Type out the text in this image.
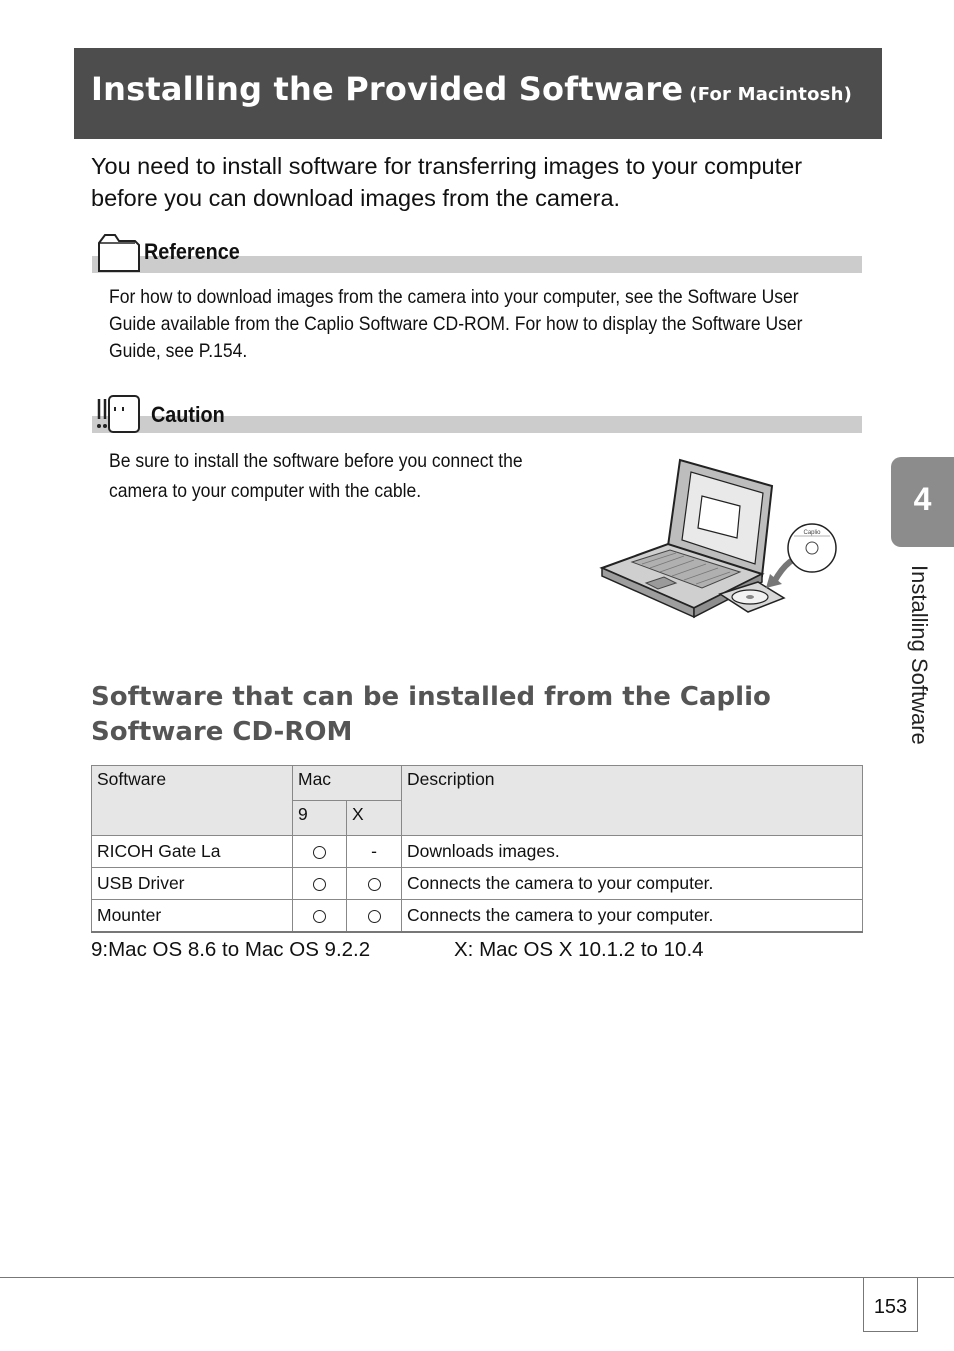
Installing the Provided Software (For Macintosh)
You need to install software for transferring images to your computer before you can download images from the camera.
Reference
For how to download images from the camera into your computer, see the Software User
Guide available from the Caplio Software CD-ROM. For how to display the Software User
Guide, see P.154.
Caution
Be sure to install the software before you connect the
camera to your computer with the cable.
Caplio
Software that can be installed from the Caplio Software CD-ROM
Software	Mac		Description
	9	X	
RICOH Gate La		-	Downloads images.
USB Driver			Connects the camera to your computer.
Mounter			Connects the camera to your computer.
9:Mac OS 8.6 to Mac OS 9.2.2	X: Mac OS X 10.1.2 to 10.4
4
Installing Software
153
